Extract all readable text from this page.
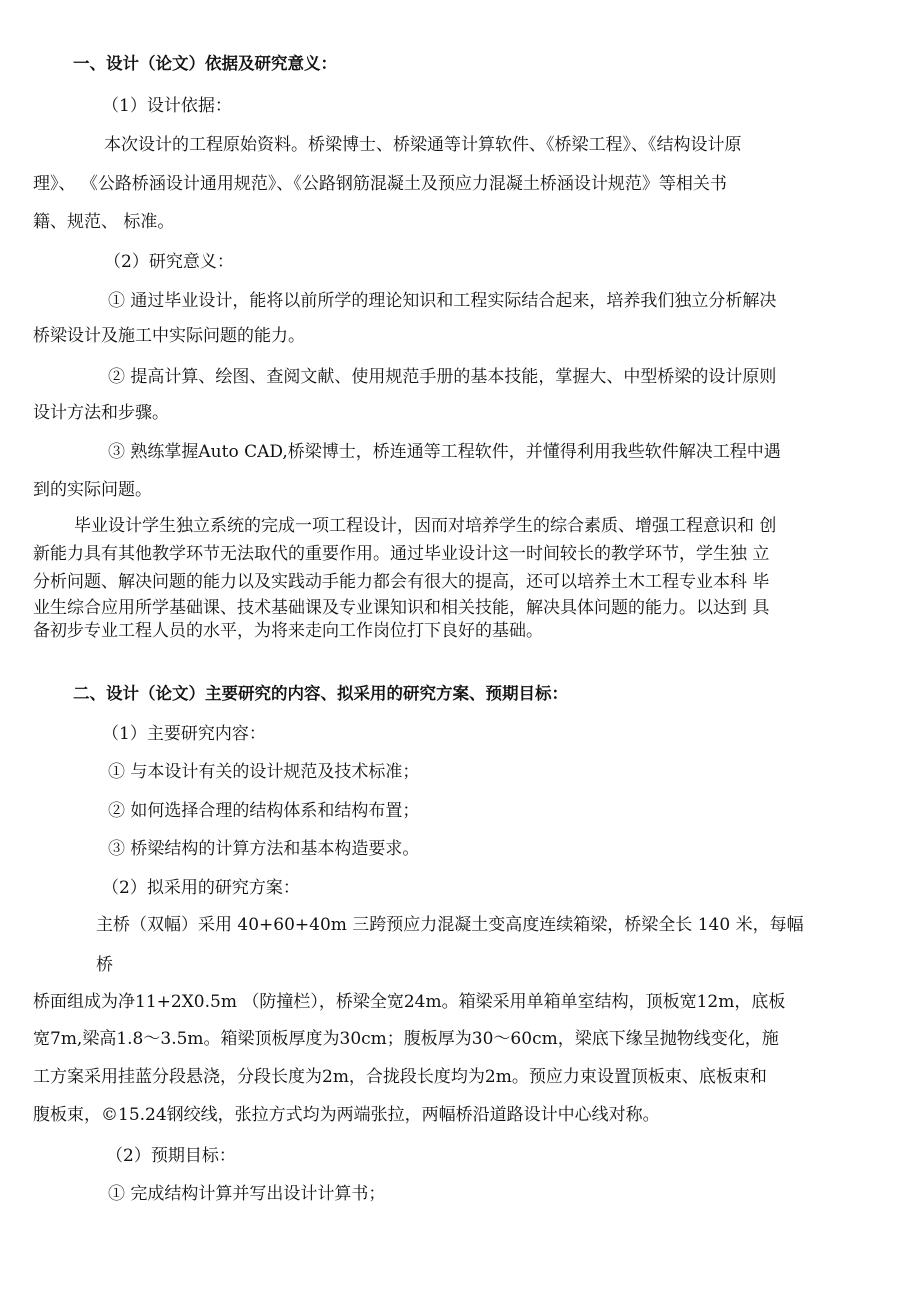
一、设计（论文）依据及研究意义：
（1）设计依据：
本次设计的工程原始资料。桥梁博士、桥梁通等计算软件、《桥梁工程》、《结构设计原
理》、 《公路桥涵设计通用规范》、《公路钢筋混凝土及预应力混凝土桥涵设计规范》等相关书
籍、规范、 标准。
（2）研究意义：
① 通过毕业设计，能将以前所学的理论知识和工程实际结合起来，培养我们独立分析解决
桥梁设计及施工中实际问题的能力。
② 提高计算、绘图、查阅文献、使用规范手册的基本技能，掌握大、中型桥梁的设计原则
设计方法和步骤。
③ 熟练掌握Auto CAD,桥梁博士，桥连通等工程软件，并懂得利用我些软件解决工程中遇
到的实际问题。
毕业设计学生独立系统的完成一项工程设计，因而对培养学生的综合素质、增强工程意识和 创
新能力具有其他教学环节无法取代的重要作用。通过毕业设计这一时间较长的教学环节，学生独 立
分析问题、解决问题的能力以及实践动手能力都会有很大的提高，还可以培养土木工程专业本科 毕
业生综合应用所学基础课、技术基础课及专业课知识和相关技能，解决具体问题的能力。以达到 具
备初步专业工程人员的水平，为将来走向工作岗位打下良好的基础。
二、设计（论文）主要研究的内容、拟采用的研究方案、预期目标：
（1）主要研究内容：
① 与本设计有关的设计规范及技术标准；
② 如何选择合理的结构体系和结构布置；
③ 桥梁结构的计算方法和基本构造要求。
（2）拟采用的研究方案：
主桥（双幅）采用 40+60+40m 三跨预应力混凝土变高度连续箱梁，桥梁全长 140 米，每幅
桥
桥面组成为净11+2X0.5m （防撞栏），桥梁全宽24m。箱梁采用单箱单室结构，顶板宽12m，底板
宽7m,梁高1.8～3.5m。箱梁顶板厚度为30cm；腹板厚为30～60cm，梁底下缘呈抛物线变化，施
工方案采用挂蓝分段悬浇，分段长度为2m，合拢段长度均为2m。预应力束设置顶板束、底板束和
腹板束，©15.24钢绞线，张拉方式均为两端张拉，两幅桥沿道路设计中心线对称。
（2）预期目标：
① 完成结构计算并写出设计计算书；
